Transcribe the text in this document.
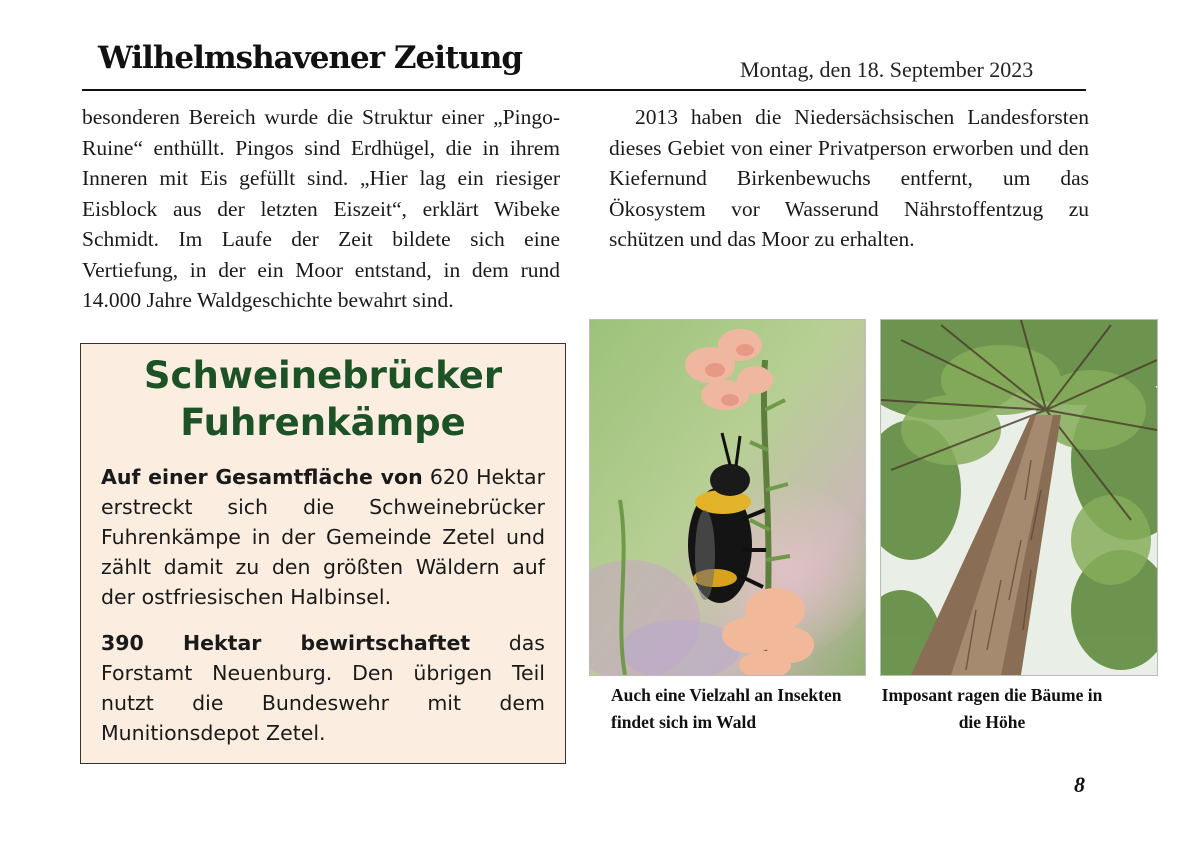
Wilhelmshavener Zeitung	Montag, den 18. September 2023

besonderen Bereich wurde die Struktur einer „Pingo-Ruine“ enthüllt. Pingos sind Erdhügel, die in ihrem Inneren mit Eis gefüllt sind. „Hier lag ein riesiger Eisblock aus der letzten Eiszeit“, erklärt Wibeke Schmidt. Im Laufe der Zeit bildete sich eine Vertiefung, in der ein Moor entstand, in dem rund 14.000 Jahre Waldgeschichte bewahrt sind.

2013 haben die Niedersächsischen Landesforsten dieses Gebiet von einer Privatperson erworben und den Kiefernund Birkenbewuchs entfernt, um das Ökosystem vor Wasserund Nährstoffentzug zu schützen und das Moor zu erhalten.

Schweinebrücker
Fuhrenkämpe

Auf einer Gesamtfläche von 620 Hektar erstreckt sich die Schweinebrücker Fuhrenkämpe in der Gemeinde Zetel und zählt damit zu den größten Wäldern auf der ostfriesischen Halbinsel.

390 Hektar bewirtschaftet das Forstamt Neuenburg. Den übrigen Teil nutzt die Bundeswehr mit dem Munitionsdepot Zetel.

Auch eine Vielzahl an Insekten findet sich im Wald
Imposant ragen die Bäume in die Höhe
8
